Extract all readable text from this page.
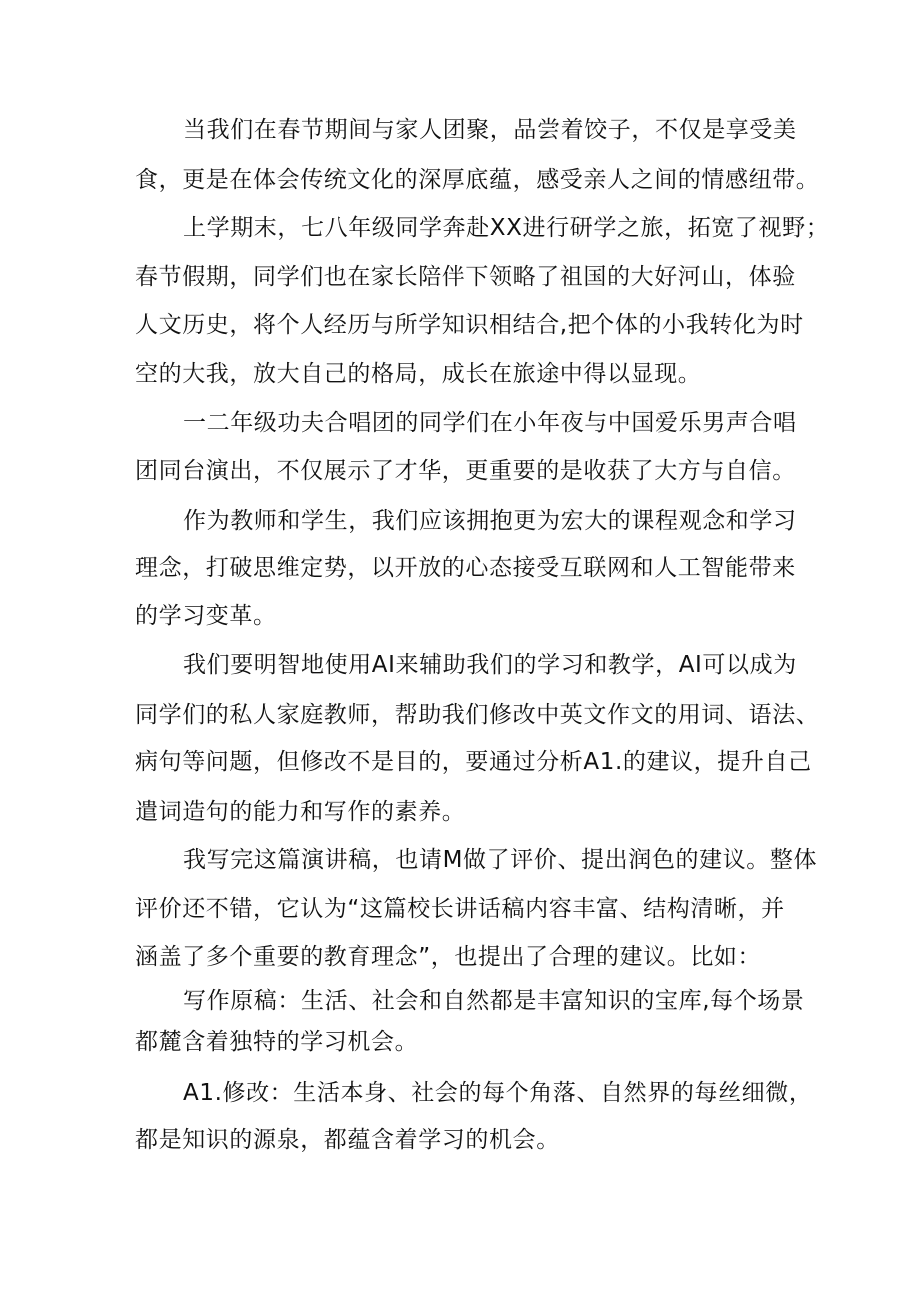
当我们在春节期间与家人团聚，品尝着饺子，不仅是享受美
食，更是在体会传统文化的深厚底蕴，感受亲人之间的情感纽带。
上学期末，七八年级同学奔赴XX进行研学之旅，拓宽了视野；
春节假期，同学们也在家长陪伴下领略了祖国的大好河山，体验
人文历史，将个人经历与所学知识相结合,把个体的小我转化为时
空的大我，放大自己的格局，成长在旅途中得以显现。
一二年级功夫合唱团的同学们在小年夜与中国爱乐男声合唱
团同台演出，不仅展示了才华，更重要的是收获了大方与自信。
作为教师和学生，我们应该拥抱更为宏大的课程观念和学习
理念，打破思维定势，以开放的心态接受互联网和人工智能带来
的学习变革。
我们要明智地使用AI来辅助我们的学习和教学，AI可以成为
同学们的私人家庭教师，帮助我们修改中英文作文的用词、语法、
病句等问题，但修改不是目的，要通过分析A1.的建议，提升自己
遣词造句的能力和写作的素养。
我写完这篇演讲稿，也请M做了评价、提出润色的建议。整体
评价还不错，它认为“这篇校长讲话稿内容丰富、结构清晰，并
涵盖了多个重要的教育理念”，也提出了合理的建议。比如：
写作原稿：生活、社会和自然都是丰富知识的宝库,每个场景
都麓含着独特的学习机会。
A1.修改：生活本身、社会的每个角落、自然界的每丝细微，
都是知识的源泉，都蕴含着学习的机会。
